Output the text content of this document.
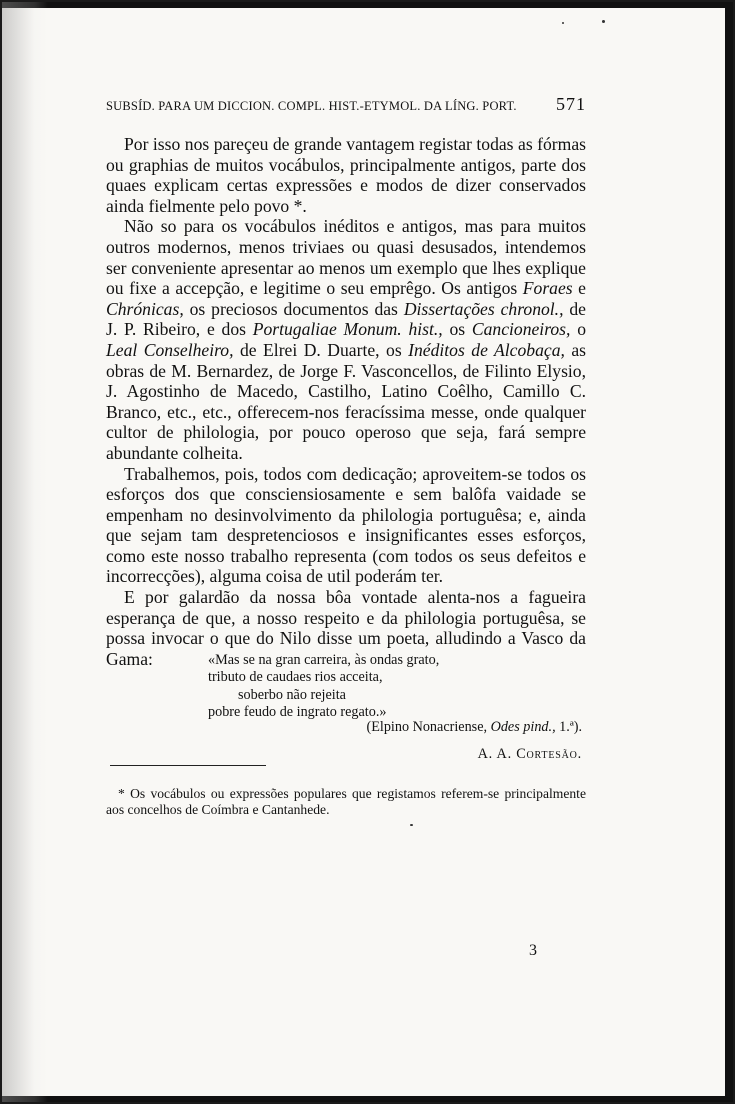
SUBSÍD. PARA UM DICCION. COMPL. HIST.-ETYMOL. DA LÍNG. PORT. 571

Por isso nos pareçeu de grande vantagem registar todas as fórmas ou graphias de muitos vocábulos, principalmente antigos, parte dos quaes explicam certas expressões e modos de dizer conservados ainda fielmente pelo povo *.

Não so para os vocábulos inéditos e antigos, mas para muitos outros modernos, menos triviaes ou quasi desusados, intendemos ser conveniente apresentar ao menos um exemplo que lhes explique ou fixe a accepção, e legitime o seu emprêgo. Os antigos Foraes e Chrónicas, os preciosos documentos das Dissertações chronol., de J. P. Ribeiro, e dos Portugaliae Monum. hist., os Cancioneiros, o Leal Conselheiro, de Elrei D. Duarte, os Inéditos de Alcobaça, as obras de M. Bernardez, de Jorge F. Vasconcellos, de Filinto Elysio, J. Agostinho de Macedo, Castilho, Latino Coêlho, Camillo C. Branco, etc., etc., offerecem-nos feracíssima messe, onde qualquer cultor de philologia, por pouco operoso que seja, fará sempre abundante colheita.

Trabalhemos, pois, todos com dedicação; aproveitem-se todos os esforços dos que consciensiosamente e sem balôfa vaidade se empenham no desinvolvimento da philologia portuguêsa; e, ainda que sejam tam despretenciosos e insignificantes esses esforços, como este nosso trabalho representa (com todos os seus defeitos e incorrecções), alguma coisa de util poderám ter.

E por galardão da nossa bôa vontade alenta-nos a fagueira esperança de que, a nosso respeito e da philologia portuguêsa, se possa invocar o que do Nilo disse um poeta, alludindo a Vasco da Gama:	«Mas se na gran carreira, às ondas grato,
tributo de caudaes rios acceita,
soberbo não rejeita
pobre feudo de ingrato regato.»
(Elpino Nonacriense, Odes pind., 1.ª).
A. A. Cortesão.

* Os vocábulos ou expressões populares que registamos referem-se principalmente aos concelhos de Coímbra e Cantanhede.

3
